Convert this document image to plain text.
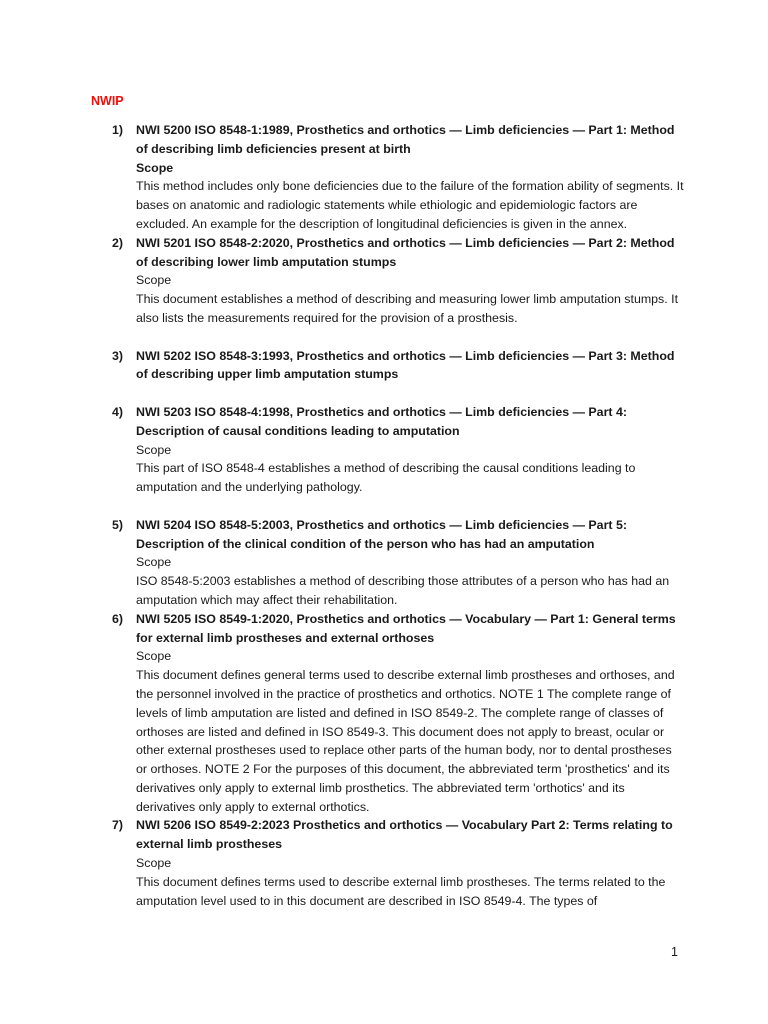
NWIP
1) NWI 5200 ISO 8548-1:1989, Prosthetics and orthotics — Limb deficiencies — Part 1: Method of describing limb deficiencies present at birth
Scope
This method includes only bone deficiencies due to the failure of the formation ability of segments. It bases on anatomic and radiologic statements while ethiologic and epidemiologic factors are excluded. An example for the description of longitudinal deficiencies is given in the annex.
2) NWI 5201 ISO 8548-2:2020, Prosthetics and orthotics — Limb deficiencies — Part 2: Method of describing lower limb amputation stumps
Scope
This document establishes a method of describing and measuring lower limb amputation stumps. It also lists the measurements required for the provision of a prosthesis.
3) NWI 5202 ISO 8548-3:1993, Prosthetics and orthotics — Limb deficiencies — Part 3: Method of describing upper limb amputation stumps
4) NWI 5203 ISO 8548-4:1998, Prosthetics and orthotics — Limb deficiencies — Part 4: Description of causal conditions leading to amputation
Scope
This part of ISO 8548-4 establishes a method of describing the causal conditions leading to amputation and the underlying pathology.
5) NWI 5204 ISO 8548-5:2003, Prosthetics and orthotics — Limb deficiencies — Part 5: Description of the clinical condition of the person who has had an amputation
Scope
ISO 8548-5:2003 establishes a method of describing those attributes of a person who has had an amputation which may affect their rehabilitation.
6) NWI 5205 ISO 8549-1:2020, Prosthetics and orthotics — Vocabulary — Part 1: General terms for external limb prostheses and external orthoses
Scope
This document defines general terms used to describe external limb prostheses and orthoses, and the personnel involved in the practice of prosthetics and orthotics. NOTE 1 The complete range of levels of limb amputation are listed and defined in ISO 8549-2. The complete range of classes of orthoses are listed and defined in ISO 8549-3. This document does not apply to breast, ocular or other external prostheses used to replace other parts of the human body, nor to dental prostheses or orthoses. NOTE 2 For the purposes of this document, the abbreviated term 'prosthetics' and its derivatives only apply to external limb prosthetics. The abbreviated term 'orthotics' and its derivatives only apply to external orthotics.
7) NWI 5206 ISO 8549-2:2023 Prosthetics and orthotics — Vocabulary Part 2: Terms relating to external limb prostheses
Scope
This document defines terms used to describe external limb prostheses. The terms related to the amputation level used to in this document are described in ISO 8549-4. The types of
1
